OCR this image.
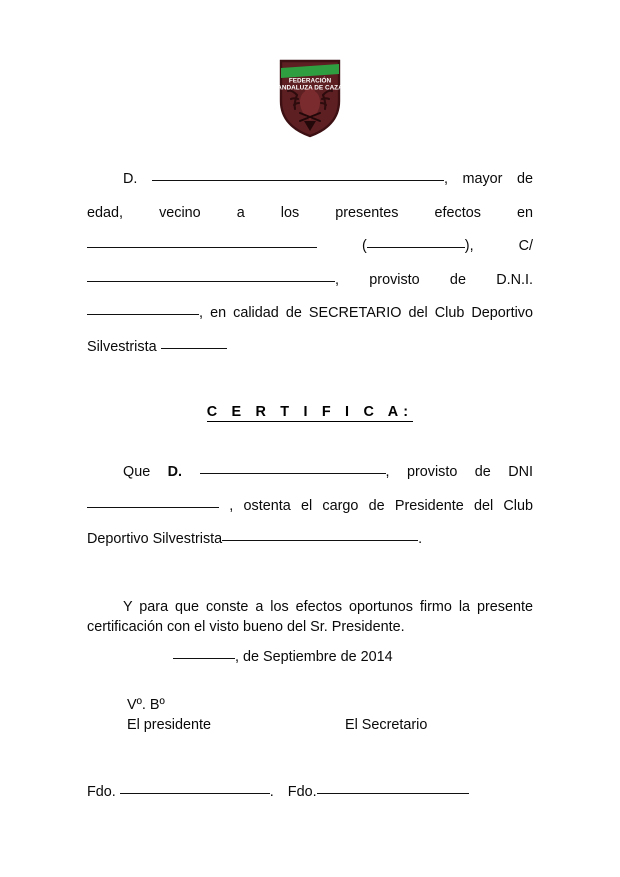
FEDERACIÓN
ANDALUZA DE CAZA

D.	, mayor de edad, vecino a los presentes efectos en  (	),	C/, provisto de D.N.I., en calidad de SECRETARIO del Club Deportivo Silvestrista

C E R T I F I C A:

Que D.	, provisto de DNI  , ostenta el cargo de Presidente del Club Deportivo Silvestrista	.

Y para que conste a los efectos oportunos firmo la presente certificación con el visto bueno del Sr. Presidente.

, de Septiembre de 2014
Vº. Bº
El presidente	El Secretario
Fdo.	. Fdo.
